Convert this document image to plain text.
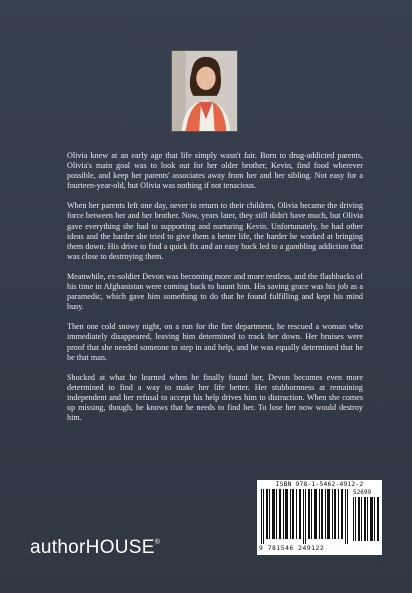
Olivia knew at an early age that life simply wasn't fair. Born to drug-addicted parents, Olivia's main goal was to look out for her older brother, Kevin, find food wherever possible, and keep her parents' associates away from her and her sibling. Not easy for a fourteen-year-old, but Olivia was nothing if not tenacious.

When her parents left one day, never to return to their children, Olivia became the driving force between her and her brother. Now, years later, they still didn't have much, but Olivia gave everything she had to supporting and nurturing Kevin. Unfortunately, he had other ideas and the harder she tried to give them a better life, the harder he worked at bringing them down. His drive to find a quick fix and an easy buck led to a gambling addiction that was close to destroying them.

Meanwhile, ex-soldier Devon was becoming more and more restless, and the flashbacks of his time in Afghanistan were coming back to haunt him. His saving grace was his job as a paramedic, which gave him something to do that he found fulfilling and kept his mind busy.

Then one cold snowy night, on a run for the fire department, he rescued a woman who immediately disappeared, leaving him determined to track her down. Her bruises were proof that she needed someone to step in and help, and he was equally determined that he be that man.

Shocked at what he learned when he finally found her, Devon becomes even more determined to find a way to make her life better. Her stubbornness at remaining independent and her refusal to accept his help drives him to distraction. When she comes up missing, though, he knows that he needs to find her. To lose her now would destroy him.

ISBN 978-1-5462-4912-2
52699
9 781546 249122
authorHOUSE®
